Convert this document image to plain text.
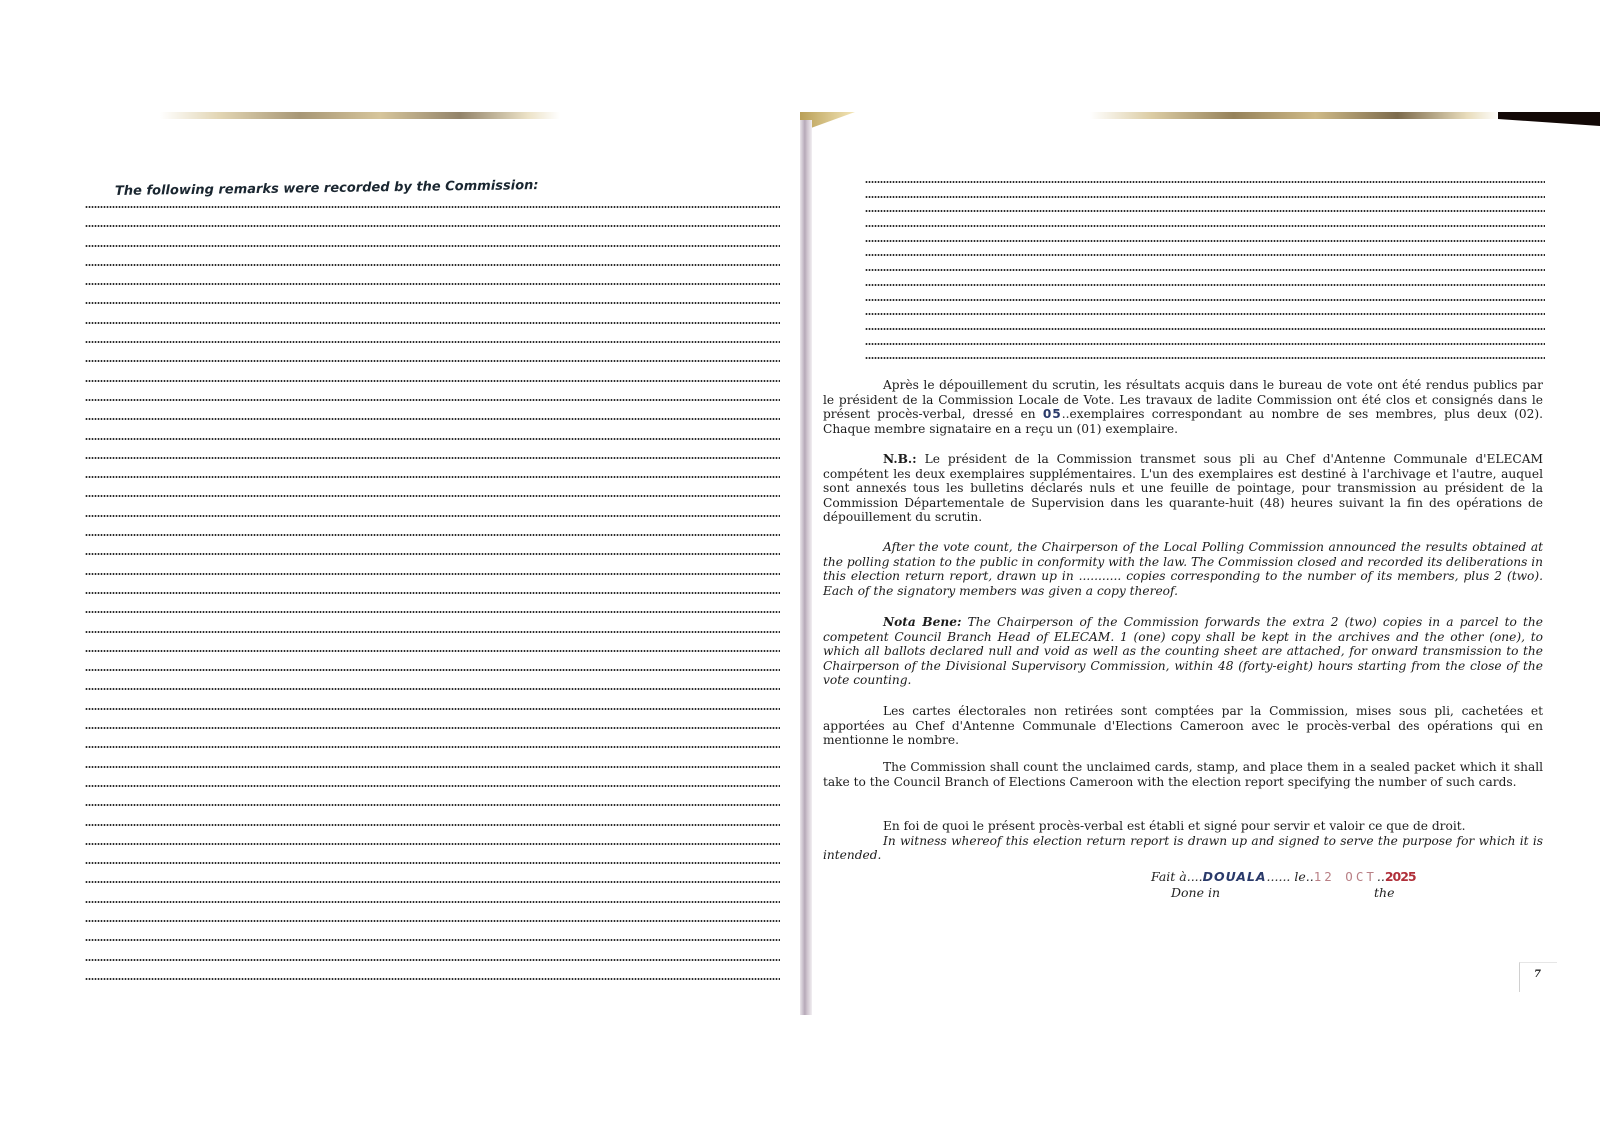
The following remarks were recorded by the Commission:

Après le dépouillement du scrutin, les résultats acquis dans le bureau de vote ont été rendus publics par le président de la Commission Locale de Vote. Les travaux de ladite Commission ont été clos et consignés dans le présent procès-verbal, dressé en 05..exemplaires correspondant au nombre de ses membres, plus deux (02). Chaque membre signataire en a reçu un (01) exemplaire.

N.B.: Le président de la Commission transmet sous pli au Chef d'Antenne Communale d'ELECAM compétent les deux exemplaires supplémentaires. L'un des exemplaires est destiné à l'archivage et l'autre, auquel sont annexés tous les bulletins déclarés nuls et une feuille de pointage, pour transmission au président de la Commission Départementale de Supervision dans les quarante-huit (48) heures suivant la fin des opérations de dépouillement du scrutin.

After the vote count, the Chairperson of the Local Polling Commission announced the results obtained at the polling station to the public in conformity with the law. The Commission closed and recorded its deliberations in this election return report, drawn up in ........... copies corresponding to the number of its members, plus 2 (two). Each of the signatory members was given a copy thereof.

Nota Bene: The Chairperson of the Commission forwards the extra 2 (two) copies in a parcel to the competent Council Branch Head of ELECAM. 1 (one) copy shall be kept in the archives and the other (one), to which all ballots declared null and void as well as the counting sheet are attached, for onward transmission to the Chairperson of the Divisional Supervisory Commission, within 48 (forty-eight) hours starting from the close of the vote counting.

Les cartes électorales non retirées sont comptées par la Commission, mises sous pli, cachetées et apportées au Chef d'Antenne Communale d'Elections Cameroon avec le procès-verbal des opérations qui en mentionne le nombre.

The Commission shall count the unclaimed cards, stamp, and place them in a sealed packet which it shall take to the Council Branch of Elections Cameroon with the election report specifying the number of such cards.

En foi de quoi le présent procès-verbal est établi et signé pour servir et valoir ce que de droit.

In witness whereof this election return report is drawn up and signed to serve the purpose for which it is intended.

Fait à....DOUALA...... le..12 OCT..2025
Done in	the
7
